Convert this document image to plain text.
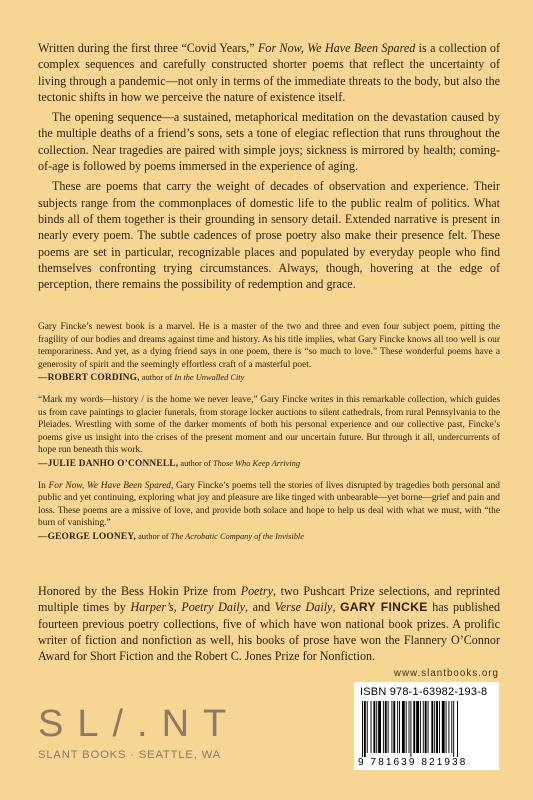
Written during the first three “Covid Years,” For Now, We Have Been Spared is a collection of complex sequences and carefully constructed shorter poems that reflect the uncertainty of living through a pandemic—not only in terms of the immediate threats to the body, but also the tectonic shifts in how we perceive the nature of existence itself.

The opening sequence—a sustained, metaphorical meditation on the devastation caused by the multiple deaths of a friend’s sons, sets a tone of elegiac reflection that runs throughout the collection. Near tragedies are paired with simple joys; sickness is mirrored by health; coming-of-age is followed by poems immersed in the experience of aging.

These are poems that carry the weight of decades of observation and experience. Their subjects range from the commonplaces of domestic life to the public realm of politics. What binds all of them together is their grounding in sensory detail. Extended narrative is present in nearly every poem. The subtle cadences of prose poetry also make their presence felt. These poems are set in particular, recognizable places and populated by everyday people who find themselves confronting trying circumstances. Always, though, hovering at the edge of perception, there remains the possibility of redemption and grace.

Gary Fincke’s newest book is a marvel. He is a master of the two and three and even four subject poem, pitting the fragility of our bodies and dreams against time and history. As his title implies, what Gary Fincke knows all too well is our temporariness. And yet, as a dying friend says in one poem, there is “so much to love.” These wonderful poems have a generosity of spirit and the seemingly effortless craft of a masterful poet.

—ROBERT CORDING, author of In the Unwalled City

“Mark my words—history / is the home we never leave,” Gary Fincke writes in this remarkable collection, which guides us from cave paintings to glacier funerals, from storage locker auctions to silent cathedrals, from rural Pennsylvania to the Pleiades. Wrestling with some of the darker moments of both his personal experience and our collective past, Fincke’s poems give us insight into the crises of the present moment and our uncertain future. But through it all, undercurrents of hope run beneath this work.

—JULIE DANHO O’CONNELL, author of Those Who Keep Arriving

In For Now, We Have Been Spared, Gary Fincke’s poems tell the stories of lives disrupted by tragedies both personal and public and yet continuing, exploring what joy and pleasure are like tinged with unbearable—yet borne—grief and pain and loss. These poems are a missive of love, and provide both solace and hope to help us deal with what we must, with “the burn of vanishing.”

—GEORGE LOONEY, author of The Acrobatic Company of the Invisible

Honored by the Bess Hokin Prize from Poetry, two Pushcart Prize selections, and reprinted multiple times by Harper’s, Poetry Daily, and Verse Daily, GARY FINCKE has published fourteen previous poetry collections, five of which have won national book prizes. A prolific writer of fiction and nonfiction as well, his books of prose have won the Flannery O’Connor Award for Short Fiction and the Robert C. Jones Prize for Nonfiction.

www.slantbooks.org
ISBN 978-1-63982-193-8
9 781639 821938
SL/.NT
SLANT BOOKS · SEATTLE, WA
